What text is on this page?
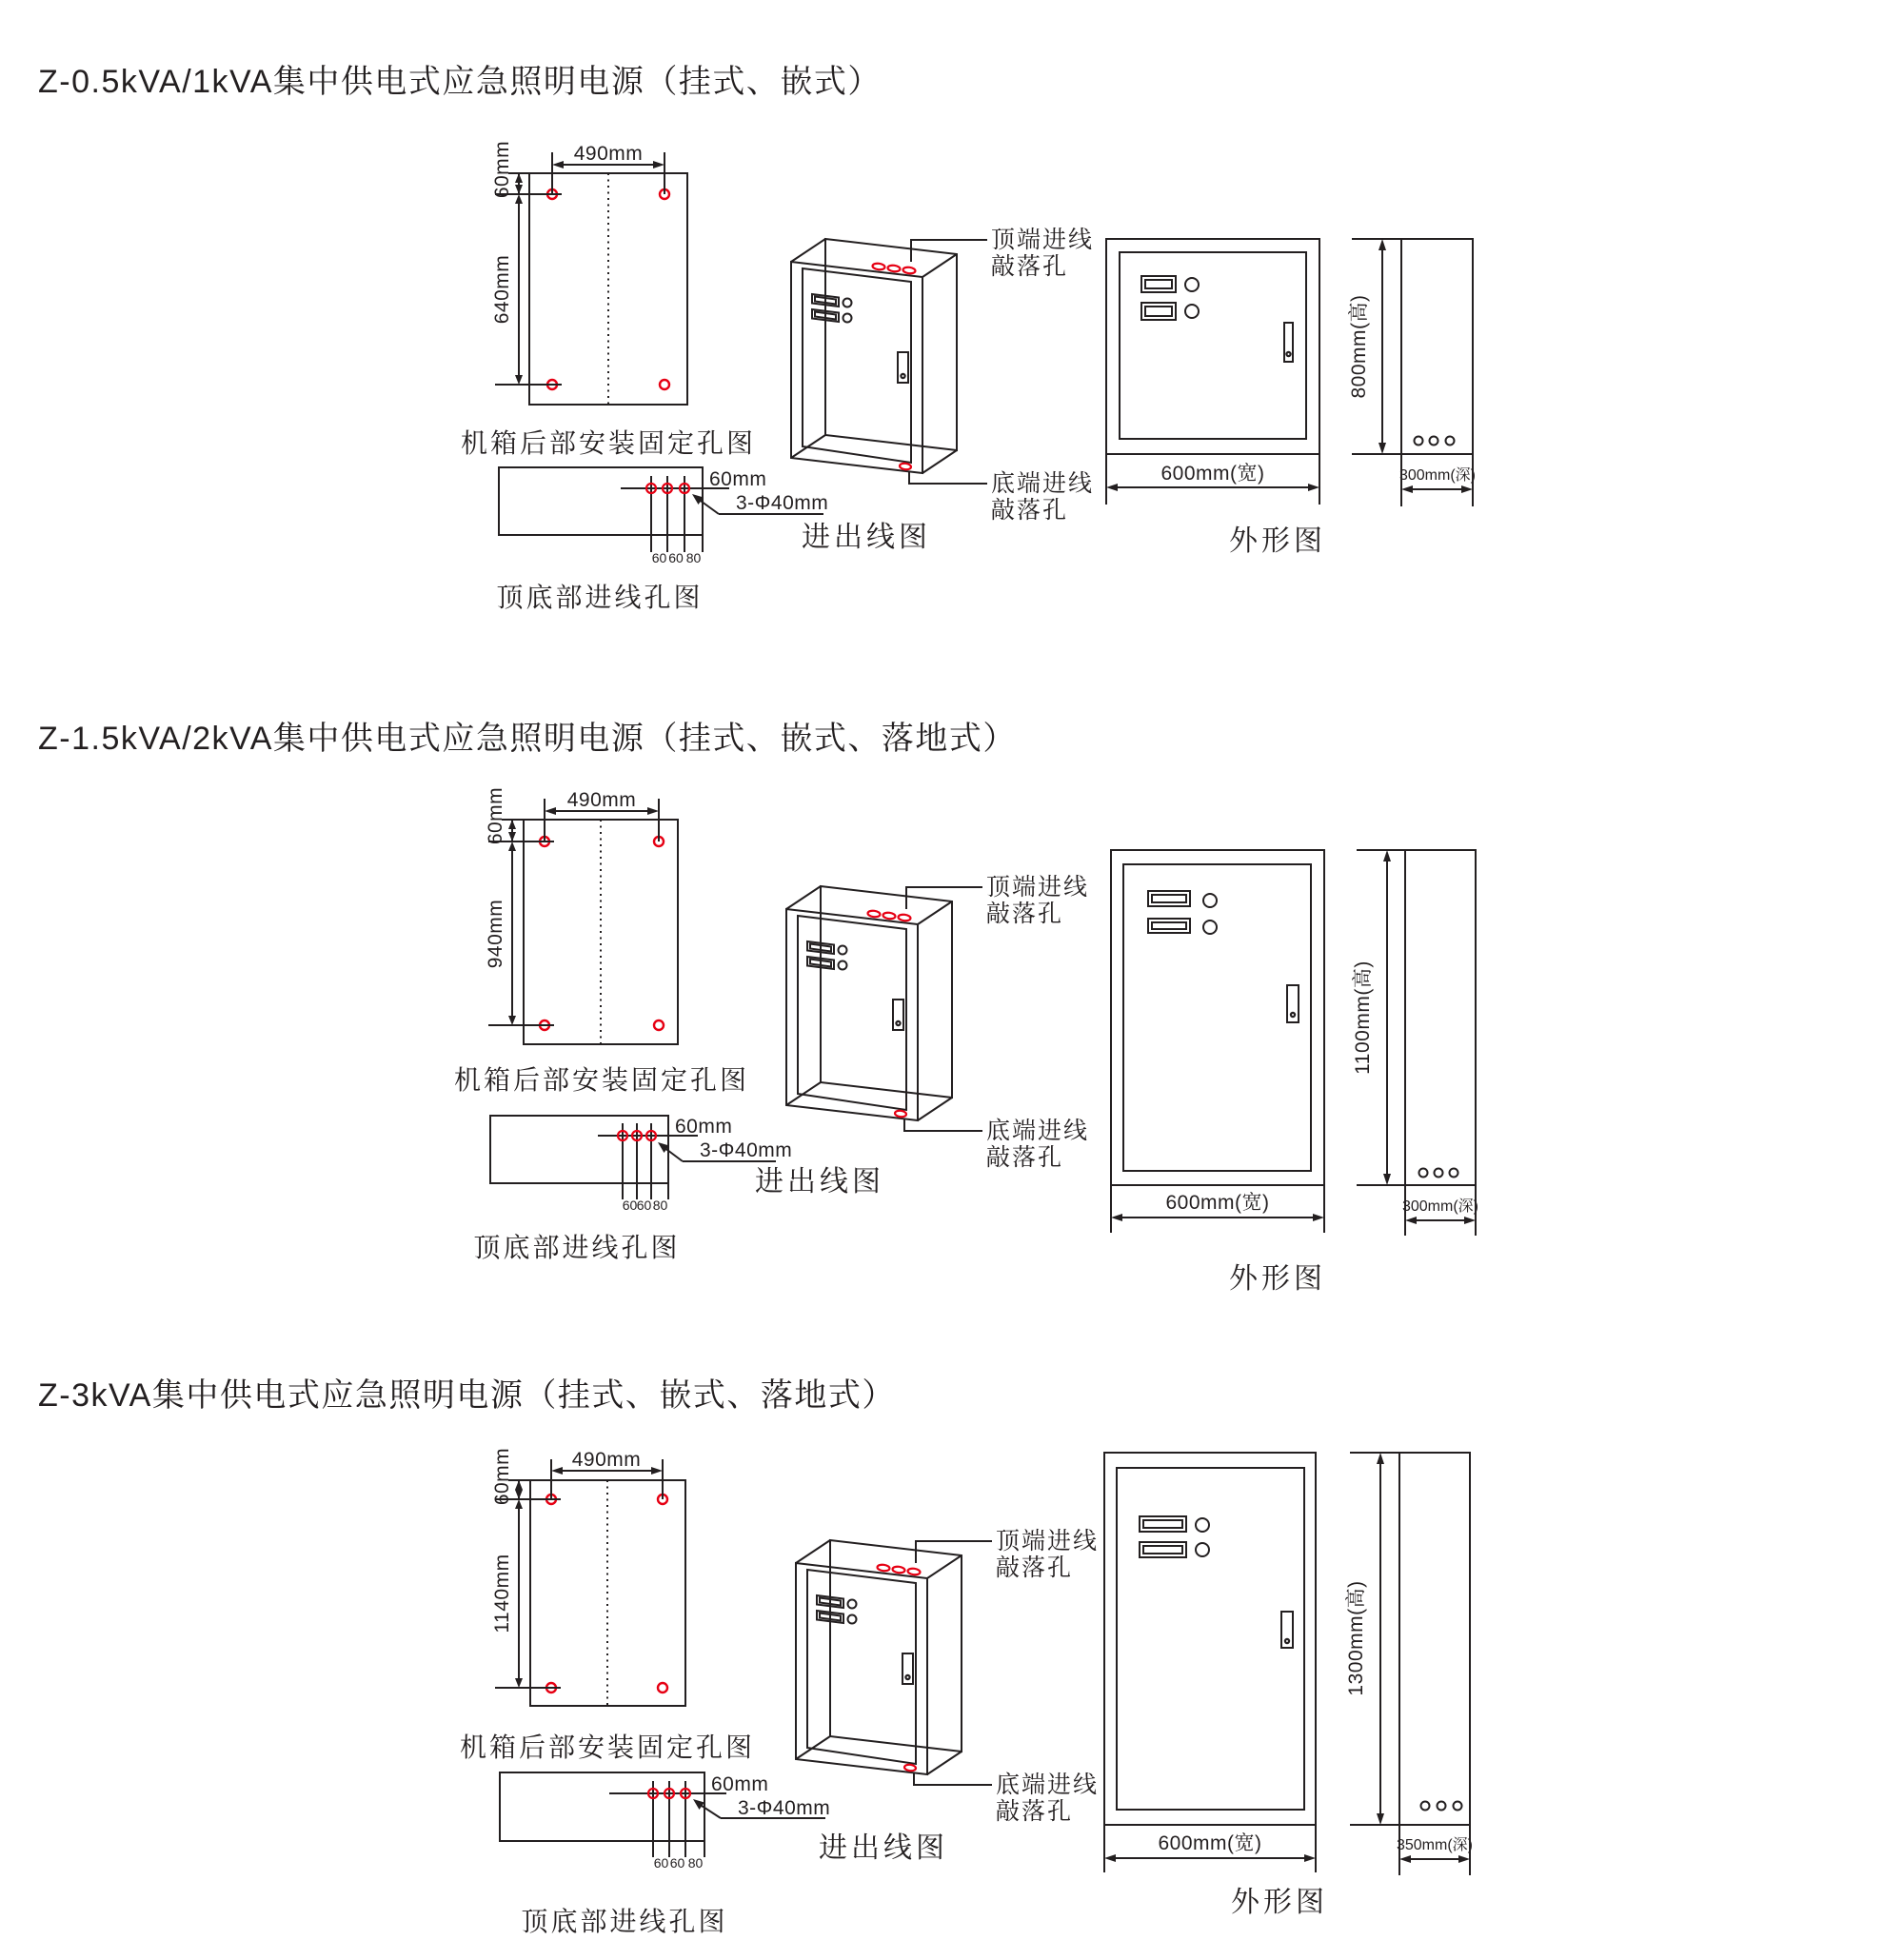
Z-0.5kVA/1kVA集中供电式应急照明电源（挂式、嵌式）
490mm
60mm
640mm
机箱后部安装固定孔图
60mm
3-Φ40mm
60 60 80
顶底部进线孔图
顶端进线
敲落孔
底端进线
敲落孔
进出线图
600mm(宽)
800mm(高)
300mm(深)
外形图
Z-1.5kVA/2kVA集中供电式应急照明电源（挂式、嵌式、落地式）
490mm
60mm
940mm
机箱后部安装固定孔图
60mm
3-Φ40mm
60 60 80
顶底部进线孔图
顶端进线
敲落孔
底端进线
敲落孔
进出线图
600mm(宽)
1100mm(高)
300mm(深)
外形图
Z-3kVA集中供电式应急照明电源（挂式、嵌式、落地式）
490mm
60mm
1140mm
机箱后部安装固定孔图
60mm
3-Φ40mm
60 60 80
顶底部进线孔图
顶端进线
敲落孔
底端进线
敲落孔
进出线图	600mm(宽)
1300mm(高)
350mm(深)
外形图
